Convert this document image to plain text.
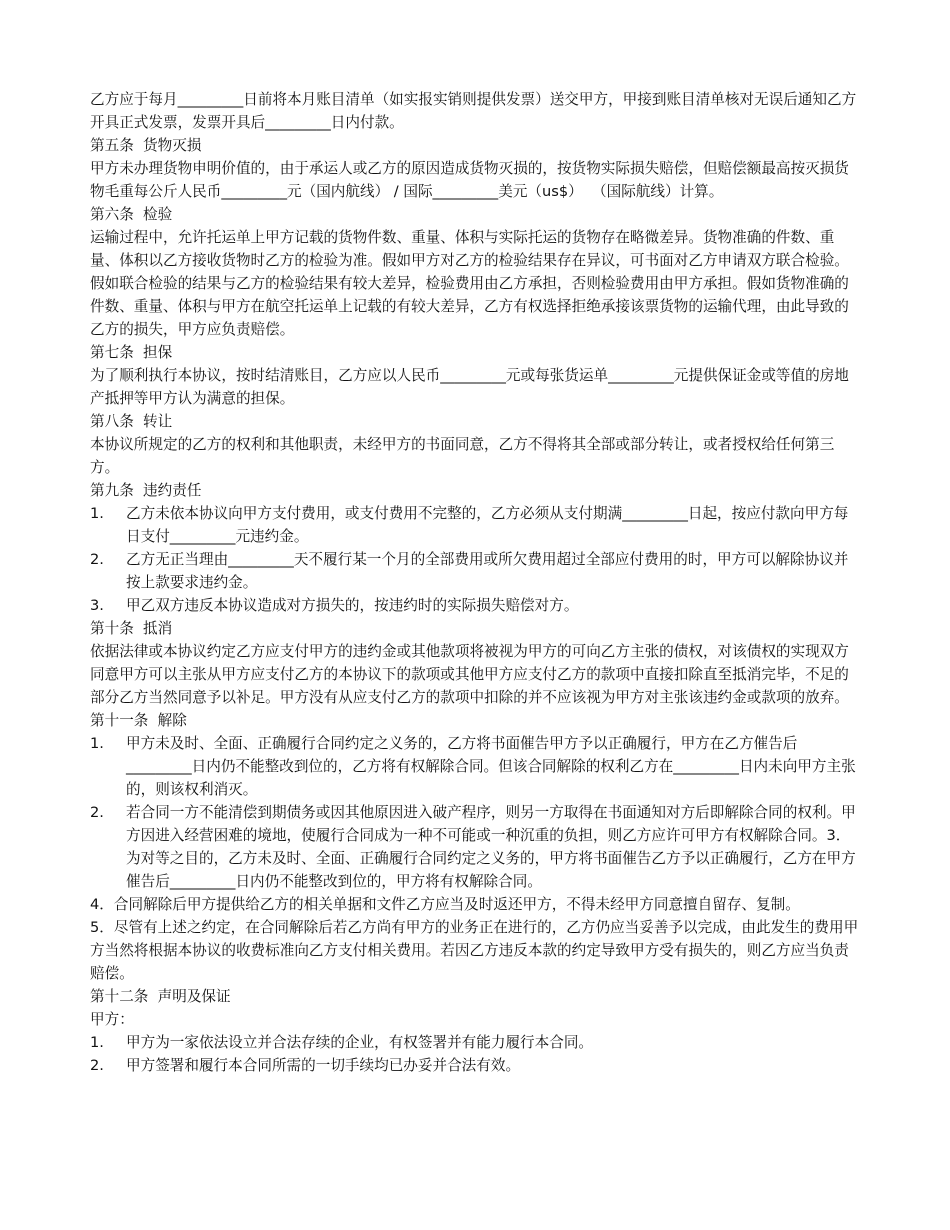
乙方应于每月_________日前将本月账目清单（如实报实销则提供发票）送交甲方，甲接到账目清单核对无误后通知乙方开具正式发票，发票开具后_________日内付款。

第五条  货物灭损

甲方未办理货物申明价值的，由于承运人或乙方的原因造成货物灭损的，按货物实际损失赔偿，但赔偿额最高按灭损货物毛重每公斤人民币_________元（国内航线） / 国际_________美元（us$）  （国际航线）计算。

第六条  检验

运输过程中，允许托运单上甲方记载的货物件数、重量、体积与实际托运的货物存在略微差异。货物准确的件数、重量、体积以乙方接收货物时乙方的检验为准。假如甲方对乙方的检验结果存在异议，可书面对乙方申请双方联合检验。假如联合检验的结果与乙方的检验结果有较大差异，检验费用由乙方承担，否则检验费用由甲方承担。假如货物准确的件数、重量、体积与甲方在航空托运单上记载的有较大差异，乙方有权选择拒绝承接该票货物的运输代理，由此导致的乙方的损失，甲方应负责赔偿。

第七条  担保

为了顺利执行本协议，按时结清账目，乙方应以人民币_________元或每张货运单_________元提供保证金或等值的房地产抵押等甲方认为满意的担保。

第八条  转让

本协议所规定的乙方的权利和其他职责，未经甲方的书面同意，乙方不得将其全部或部分转让，或者授权给任何第三方。

第九条  违约责任

1.	乙方未依本协议向甲方支付费用，或支付费用不完整的，乙方必须从支付期满_________日起，按应付款向甲方每日支付_________元违约金。
2.	乙方无正当理由_________天不履行某一个月的全部费用或所欠费用超过全部应付费用的时，甲方可以解除协议并按上款要求违约金。
3.	甲乙双方违反本协议造成对方损失的，按违约时的实际损失赔偿对方。

第十条  抵消

依据法律或本协议约定乙方应支付甲方的违约金或其他款项将被视为甲方的可向乙方主张的债权，对该债权的实现双方同意甲方可以主张从甲方应支付乙方的本协议下的款项或其他甲方应支付乙方的款项中直接扣除直至抵消完毕，不足的部分乙方当然同意予以补足。甲方没有从应支付乙方的款项中扣除的并不应该视为甲方对主张该违约金或款项的放弃。

第十一条  解除

1.	甲方未及时、全面、正确履行合同约定之义务的，乙方将书面催告甲方予以正确履行，甲方在乙方催告后_________日内仍不能整改到位的，乙方将有权解除合同。但该合同解除的权利乙方在_________日内未向甲方主张的，则该权利消灭。
2.	若合同一方不能清偿到期债务或因其他原因进入破产程序，则另一方取得在书面通知对方后即解除合同的权利。甲方因进入经营困难的境地，使履行合同成为一种不可能或一种沉重的负担，则乙方应许可甲方有权解除合同。3．为对等之目的，乙方未及时、全面、正确履行合同约定之义务的，甲方将书面催告乙方予以正确履行，乙方在甲方催告后_________日内仍不能整改到位的，甲方将有权解除合同。

4．合同解除后甲方提供给乙方的相关单据和文件乙方应当及时返还甲方，不得未经甲方同意擅自留存、复制。

5．尽管有上述之约定，在合同解除后若乙方尚有甲方的业务正在进行的，乙方仍应当妥善予以完成，由此发生的费用甲方当然将根据本协议的收费标准向乙方支付相关费用。若因乙方违反本款的约定导致甲方受有损失的，则乙方应当负责赔偿。

第十二条  声明及保证

甲方：

1.	甲方为一家依法设立并合法存续的企业，有权签署并有能力履行本合同。
2.	甲方签署和履行本合同所需的一切手续均已办妥并合法有效。
